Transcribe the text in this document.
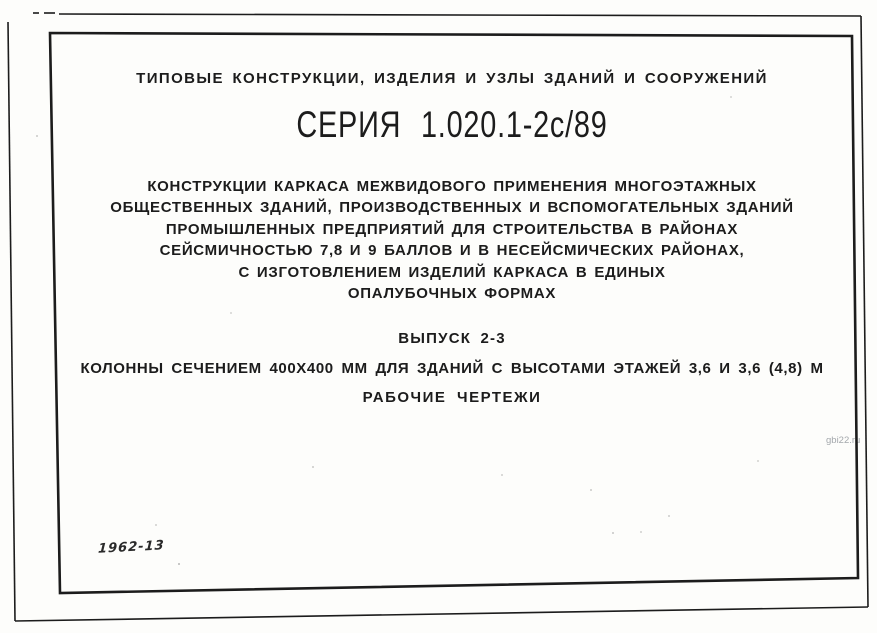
ТИПОВЫЕ КОНСТРУКЦИИ, ИЗДЕЛИЯ И УЗЛЫ ЗДАНИЙ И СООРУЖЕНИЙ
СЕРИЯ 1.020.1-2с/89
КОНСТРУКЦИИ КАРКАСА МЕЖВИДОВОГО ПРИМЕНЕНИЯ МНОГОЭТАЖНЫХ
ОБЩЕСТВЕННЫХ ЗДАНИЙ, ПРОИЗВОДСТВЕННЫХ И ВСПОМОГАТЕЛЬНЫХ ЗДАНИЙ
ПРОМЫШЛЕННЫХ ПРЕДПРИЯТИЙ ДЛЯ СТРОИТЕЛЬСТВА В РАЙОНАХ
СЕЙСМИЧНОСТЬЮ 7,8 И 9 БАЛЛОВ И В НЕСЕЙСМИЧЕСКИХ РАЙОНАХ,
С ИЗГОТОВЛЕНИЕМ ИЗДЕЛИЙ КАРКАСА В ЕДИНЫХ
ОПАЛУБОЧНЫХ ФОРМАХ
ВЫПУСК 2-3
КОЛОННЫ СЕЧЕНИЕМ 400X400 ММ ДЛЯ ЗДАНИЙ С ВЫСОТАМИ ЭТАЖЕЙ 3,6 И 3,6 (4,8) М
РАБОЧИЕ ЧЕРТЕЖИ
1962-13
gbi22.ru
